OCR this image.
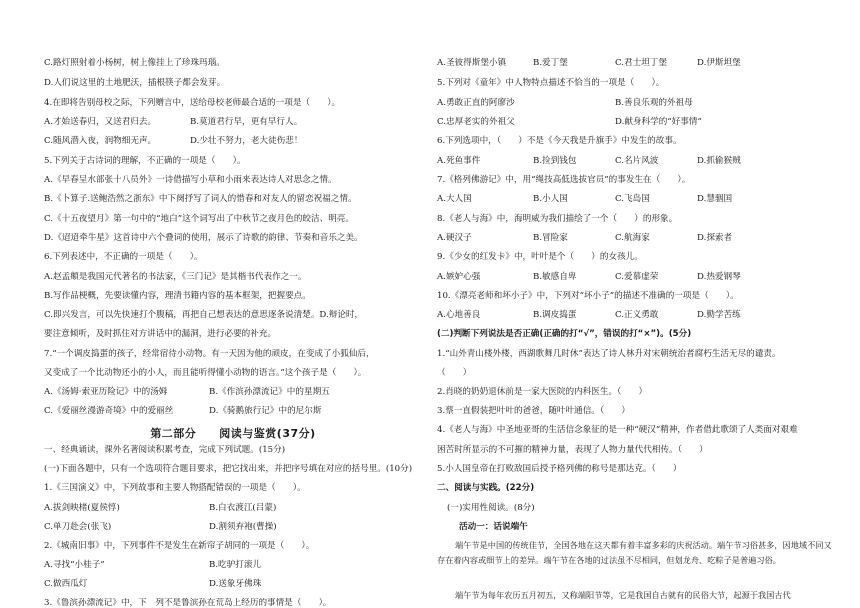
C.路灯照射着小杨树，树上像挂上了珍珠玛瑙。
D.人们说这里的土地肥沃，插根筷子都会发芽。
4.在即将告别母校之际，下列赠言中，送给母校老师最合适的一项是（　　）。
A.才始送春归，又送君归去。	B.莫道君行早，更有早行人。
C.随风潜入夜，润物细无声。	D.少壮不努力，老大徒伤悲！
5.下列关于古诗词的理解，不正确的一项是（　　）。
A.《早春呈水部张十八员外》一诗借描写小草和小雨来表达诗人对思念之情。
B.《卜算子.送鲍浩然之浙东》中下阕抒写了词人的惜春和对友人的留恋祝福之情。
C.《十五夜望月》第一句中的“地白”这个词写出了中秋节之夜月色的皎洁、明亮。
D.《迢迢牵牛星》这首诗中六个叠词的使用，展示了诗歌的韵律、节奏和音乐之美。
6.下列表述中，不正确的一项是（　　）。
A.赵孟頫是我国元代著名的书法家，《三门记》是其楷书代表作之一。
B.写作品梗概，先要读懂内容，理清书籍内容的基本框架，把握要点。
C.即兴发言，可以先快速打个腹稿，再把自己想表达的意思逐条说清楚。D.辩论时，
要注意倾听，及时抓住对方讲话中的漏洞，进行必要的补充。
7.“一个调皮捣蛋的孩子，经常宿待小动物。有一天因为他的顽皮，在变成了小狐仙后，
又变成了一个比动物还小的小人，而且能听得懂小动物的语言。”这个孩子是（　　）。
A.《汤姆·索亚历险记》中的汤姆	B.《作滨孙漂流记》中的星期五
C.《爱丽丝漫游奇境》中的爱丽丝	D.《骑鹅旅行记》中的尼尔斯
第二部分　　阅读与鉴赏(37分)
一、经典诵读，课外名著阅读积累考查，完成下列试题。(15分)
(一)下面各题中，只有一个选项符合题目要求，把它找出来，并把序号填在对应的括号里。(10分)
1.《三国演义》中，下列故事和主要人物搭配错误的一项是（　　）。
A.拔剑映楮(夏侯惇)	B.白衣渡江(吕蒙)
C.单刀赴会(张飞)	D.割须弃袍(曹操)
2.《城南旧事》中，下列事件不是发生在新帘子胡同的一项是（　　）。
A.寻找“小桂子”	B.吃驴打滚儿
C.做西瓜灯	D.送象牙佛珠
A.圣彼得斯堡小镇	B.爱丁堡	C.君士坦丁堡	D.伊斯坦堡
5.下列对《童年》中人物特点描述不恰当的一项是（　　）。
A.勇敢正直的阿廖沙	B.善良乐观的外祖母
C.忠厚老实的外祖父	D.献身科学的“好事情”
6.下列选项中，（　　）不是《今天我是升旗手》中发生的故事。
A.死鱼事件	B.捡到钱包	C.名片风波	D.抓偷猴贼
7.《格列佛游记》中，用“绳技高低选拔官员”的事发生在（　　）。
A.大人国	B.小人国	C.飞岛国	D.慧骃国
8.《老人与海》中，海明威为我们描绘了一个（　　）的形象。
A.硬汉子	B.冒险家	C.航海家	D.探索者
9.《少女的红发卡》中，叶叶是个（　　）的女孩儿。
A.嫉妒心强	B.敏感自卑	C.爱慕虚荣	D.热爱钢琴
10.《漂亮老师和坏小子》中，下列对“坏小子”的描述不准确的一项是（　　）。
A.心地善良	B.调皮捣蛋	C.正义勇敢	D.勤学苦练
(二)判断下列说法是否正确(正确的打“√”，错误的打“×”)。(5分)
1.“山外青山楼外楼，西湖歌舞几时休”表达了诗人林升对宋朝统治者腐朽生活无尽的谴责。
（　　）
2.肖晓的奶奶退休前是一家大医院的内科医生。（　　）
3.蔡一直假装把叶叶的爸爸，随叶叶通信。（　　）
4.《老人与海》中圣地亚哥的生活信念象征的是一种“硬汉”精神，作者借此歌颂了人类面对艰难
困苦时所显示的不可摧的精神力量，表现了人物力量代代相传。（　　）
5.小人国皇帝在打败敌国后授予格列佛的称号是那达克。（　　）
二、阅读与实践。(22分)
(一)实用性阅读。(8分)
活动一：话说端午
端午节是中国的传统佳节，全国各地在这天都有着丰富多彩的庆祝活动。端午节习俗甚多，因地域不同又存在着内容或细节上的差异。端午节在各地的过法虽不尽相同，但划龙舟、吃粽子是普遍习俗。
端午节为每年农历五月初五，又称端阳节等，它是我国自古就有的民俗大节，起源于我国古代
3.《鲁滨孙漂流记》中，下　列不是鲁滨孙在荒岛上经历的事情是（　　）。
